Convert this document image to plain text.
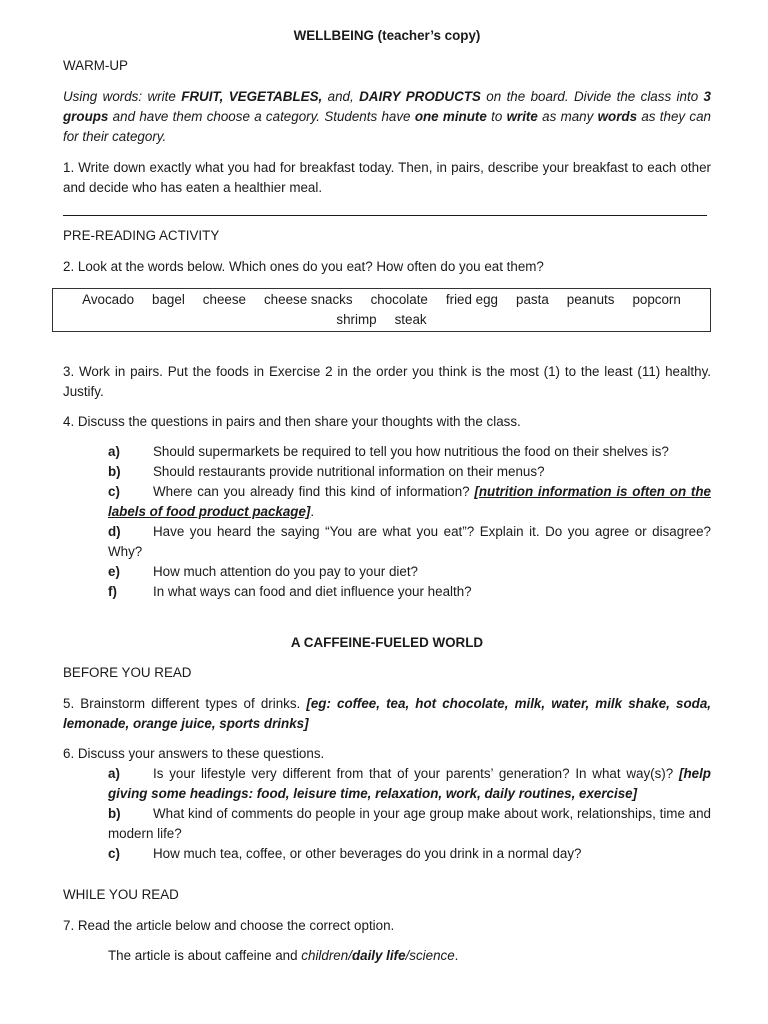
WELLBEING (teacher’s copy)
WARM-UP
Using words: write FRUIT, VEGETABLES, and, DAIRY PRODUCTS on the board. Divide the class into 3 groups and have them choose a category. Students have one minute to write as many words as they can for their category.
1. Write down exactly what you had for breakfast today. Then, in pairs, describe your breakfast to each other and decide who has eaten a healthier meal.
PRE-READING ACTIVITY
2. Look at the words below. Which ones do you eat? How often do you eat them?
Avocado bagel cheese cheese snacks chocolate fried egg pasta peanuts popcornshrimp steak
3. Work in pairs. Put the foods in Exercise 2 in the order you think is the most (1) to the least (11) healthy. Justify.
4. Discuss the questions in pairs and then share your thoughts with the class.
a) Should supermarkets be required to tell you how nutritious the food on their shelves is?
b) Should restaurants provide nutritional information on their menus?
c) Where can you already find this kind of information? [nutrition information is often on the labels of food product package].
d) Have you heard the saying “You are what you eat”? Explain it. Do you agree or disagree? Why?
e) How much attention do you pay to your diet?
f)	In what ways can food and diet influence your health?
A CAFFEINE-FUELED WORLD
BEFORE YOU READ
5. Brainstorm different types of drinks. [eg: coffee, tea, hot chocolate, milk, water, milk shake, soda, lemonade, orange juice, sports drinks]
6. Discuss your answers to these questions.
a) Is your lifestyle very different from that of your parents’ generation? In what way(s)? [help giving some headings: food, leisure time, relaxation, work, daily routines, exercise]
b) What kind of comments do people in your age group make about work, relationships, time and modern life?
c) How much tea, coffee, or other beverages do you drink in a normal day?
WHILE YOU READ
7. Read the article below and choose the correct option.
The article is about caffeine and children/daily life/science.
